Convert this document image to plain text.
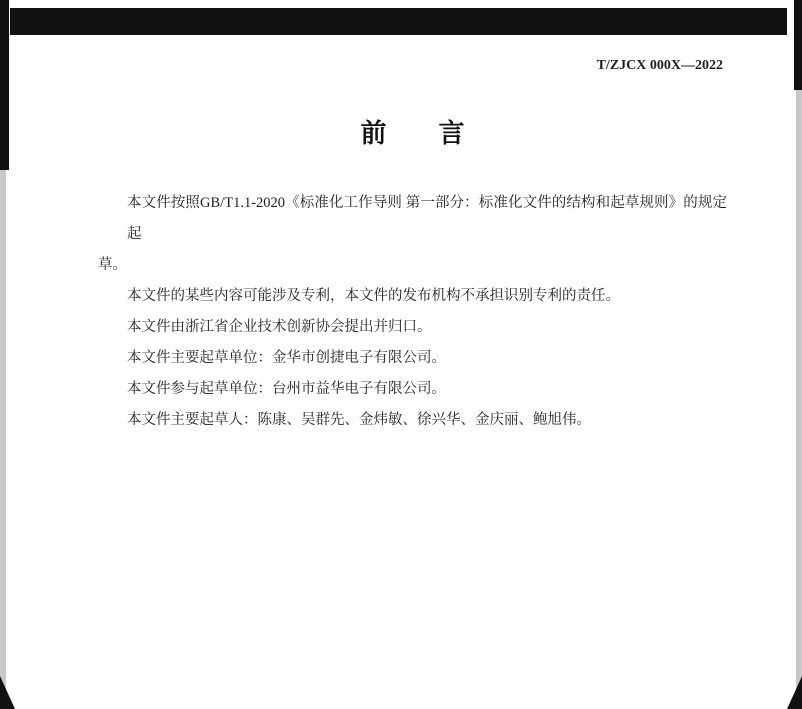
T/ZJCX 000X—2022
前　　言
本文件按照GB/T1.1-2020《标准化工作导则 第一部分：标准化文件的结构和起草规则》的规定起
草。
本文件的某些内容可能涉及专利，本文件的发布机构不承担识别专利的责任。
本文件由浙江省企业技术创新协会提出并归口。
本文件主要起草单位：金华市创捷电子有限公司。
本文件参与起草单位：台州市益华电子有限公司。
本文件主要起草人：陈康、吴群先、金炜敏、徐兴华、金庆丽、鲍旭伟。
